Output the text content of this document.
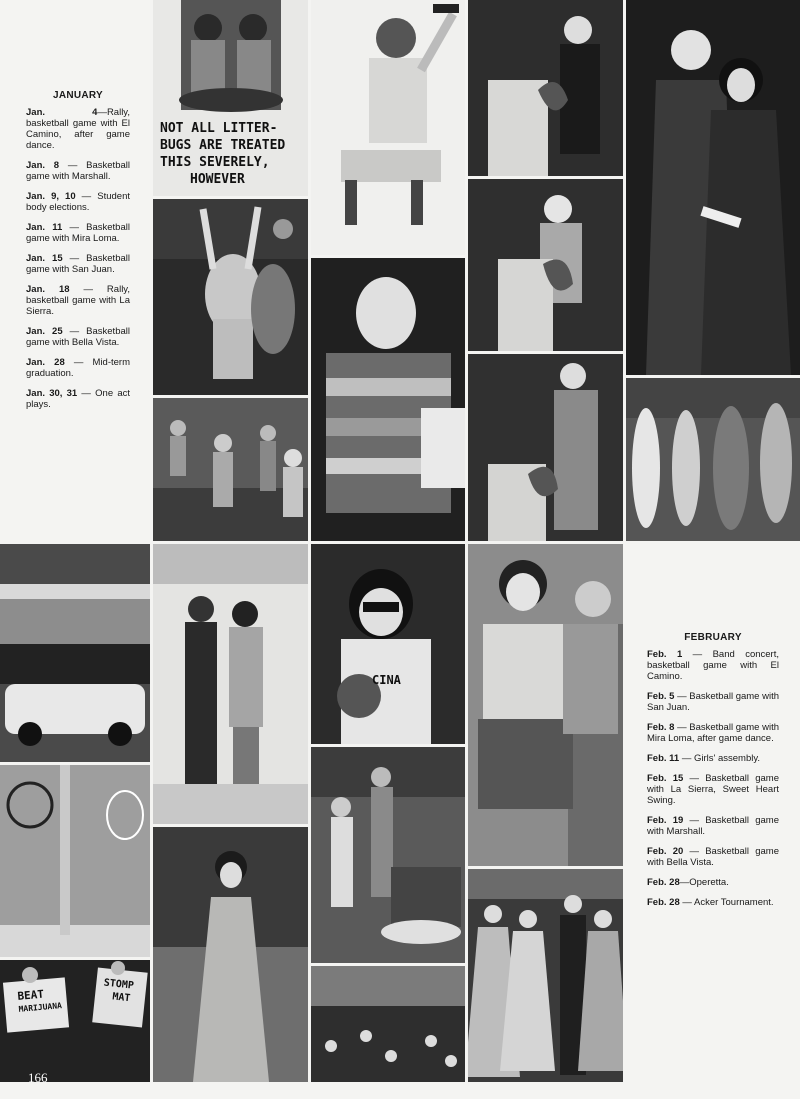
JANUARY
Jan. 4—Rally, basketball game with El Camino, after game dance.
Jan. 8 — Basketball game with Marshall.
Jan. 9, 10 — Student body elections.
Jan. 11 — Basketball game with Mira Loma.
Jan. 15 — Basketball game with San Juan.
Jan. 18 — Rally, basketball game with La Sierra.
Jan. 25 — Basketball game with Bella Vista.
Jan. 28 — Mid-term graduation.
Jan. 30, 31 — One act plays.
NOT ALL LITTER-
BUGS ARE TREATED
THIS SEVERELY,
HOWEVER
BEAT
MARIJUANA
STOMP
MAT
166
CINA
FEBRUARY
Feb. 1 — Band concert, basketball game with El Camino.
Feb. 5 — Basketball game with San Juan.
Feb. 8 — Basketball game with Mira Loma, after game dance.
Feb. 11 — Girls' assembly.
Feb. 15 — Basketball game with La Sierra, Sweet Heart Swing.
Feb. 19 — Basketball game with Marshall.
Feb. 20 — Basketball game with Bella Vista.
Feb. 28—Operetta.
Feb. 28 — Acker Tournament.
